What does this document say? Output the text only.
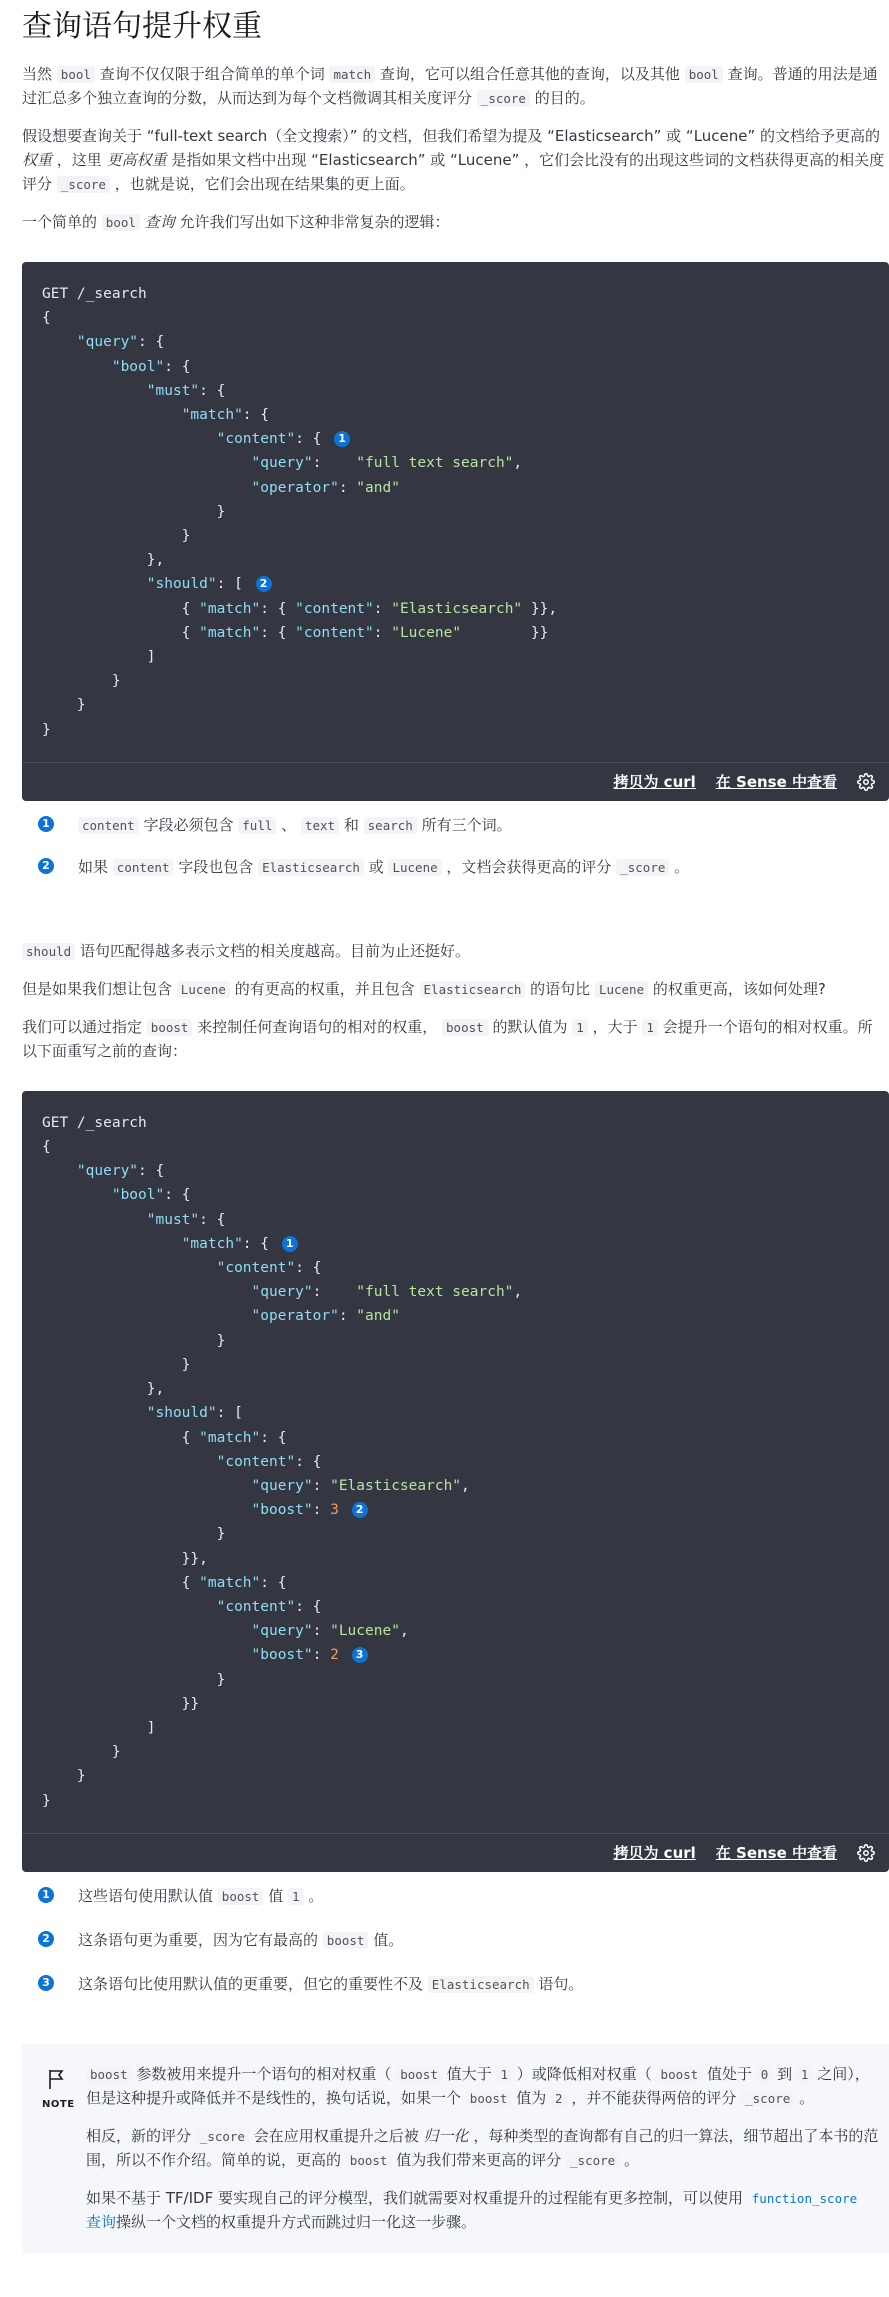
查询语句提升权重

当然 bool 查询不仅仅限于组合简单的单个词 match 查询，它可以组合任意其他的查询，以及其他 bool 查询。普通的用法是通过汇总多个独立查询的分数，从而达到为每个文档微调其相关度评分 _score 的目的。

假设想要查询关于 “full-text search（全文搜索）” 的文档，但我们希望为提及 “Elasticsearch” 或 “Lucene” 的文档给予更高的 权重 ，这里 更高权重 是指如果文档中出现 “Elasticsearch” 或 “Lucene” ，它们会比没有的出现这些词的文档获得更高的相关度评分 _score ，也就是说，它们会出现在结果集的更上面。

一个简单的 bool 查询 允许我们写出如下这种非常复杂的逻辑：

GET /_search
{
"query": {
"bool": {
"must": {
"match": {
"content": { 1
"query":    "full text search",
"operator": "and"
}
}
},
"should": [ 2
{ "match": { "content": "Elasticsearch" }},
{ "match": { "content": "Lucene"	}}
]
}
}
}
拷贝为 curl 在 Sense 中查看
1	content 字段必须包含 full 、 text 和 search 所有三个词。
2 如果 content 字段也包含 Elasticsearch 或 Lucene ，文档会获得更高的评分 _score 。

should 语句匹配得越多表示文档的相关度越高。目前为止还挺好。

但是如果我们想让包含 Lucene 的有更高的权重，并且包含 Elasticsearch 的语句比 Lucene 的权重更高，该如何处理?

我们可以通过指定 boost 来控制任何查询语句的相对的权重， boost 的默认值为 1 ，大于 1 会提升一个语句的相对权重。所以下面重写之前的查询：

GET /_search
{
"query": {
"bool": {
"must": {
"match": { 1
"content": {
"query":    "full text search",
"operator": "and"
}
}
},
"should": [
{ "match": {
"content": {
"query": "Elasticsearch",
"boost": 3 2
}
}},
{ "match": {
"content": {
"query": "Lucene",
"boost": 2 3
}
}}
]
}
}
}
拷贝为 curl 在 Sense 中查看
1 这些语句使用默认值 boost 值 1 。
2 这条语句更为重要，因为它有最高的 boost 值。
3 这条语句比使用默认值的更重要，但它的重要性不及 Elasticsearch 语句。
NOTE

boost 参数被用来提升一个语句的相对权重（ boost 值大于 1 ）或降低相对权重（ boost 值处于 0 到 1 之间），但是这种提升或降低并不是线性的，换句话说，如果一个 boost 值为 2 ，并不能获得两倍的评分 _score 。

相反，新的评分 _score 会在应用权重提升之后被 归一化 ，每种类型的查询都有自己的归一算法，细节超出了本书的范围，所以不作介绍。简单的说，更高的 boost 值为我们带来更高的评分 _score 。

如果不基于 TF/IDF 要实现自己的评分模型，我们就需要对权重提升的过程能有更多控制，可以使用 function_score 查询操纵一个文档的权重提升方式而跳过归一化这一步骤。
